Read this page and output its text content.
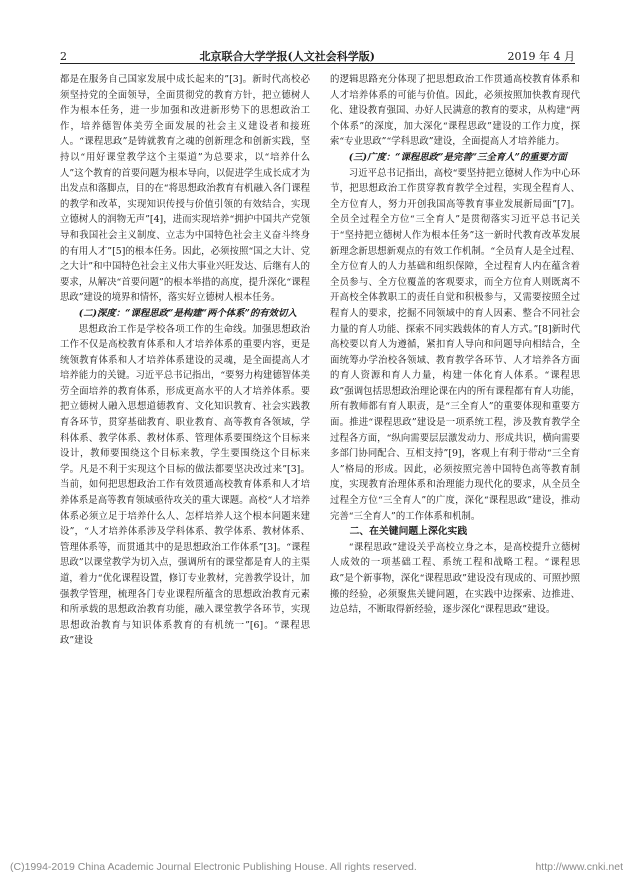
2	北京联合大学学报(人文社会科学版)	2019 年 4 月

都是在服务自己国家发展中成长起来的”[3]。新时代高校必须坚持党的全面领导，全面贯彻党的教育方针，把立德树人作为根本任务，进一步加强和改进新形势下的思想政治工作，培养德智体美劳全面发展的社会主义建设者和接班人。“课程思政”是铸就教育之魂的创新理念和创新实践，坚持以“用好课堂教学这个主渠道”为总要求，以“培养什么人”这个教育的首要问题为根本导向，以促进学生成长成才为出发点和落脚点，目的在“将思想政治教育有机融入各门课程的教学和改革，实现知识传授与价值引领的有效结合，实现立德树人的润物无声”[4]，进而实现培养“拥护中国共产党领导和我国社会主义制度、立志为中国特色社会主义奋斗终身的有用人才”[5]的根本任务。因此，必须按照“国之大计、党之大计”和中国特色社会主义伟大事业兴旺发达、后继有人的要求，从解决“首要问题”的根本举措的高度，提升深化“课程思政”建设的境界和情怀，落实好立德树人根本任务。

(二)深度：“课程思政”是构建“两个体系”的有效切入

思想政治工作是学校各项工作的生命线。加强思想政治工作不仅是高校教育体系和人才培养体系的重要内容，更是统领教育体系和人才培养体系建设的灵魂，是全面提高人才培养能力的关键。习近平总书记指出，“要努力构建德智体美劳全面培养的教育体系，形成更高水平的人才培养体系。要把立德树人融入思想道德教育、文化知识教育、社会实践教育各环节，贯穿基础教育、职业教育、高等教育各领域，学科体系、教学体系、教材体系、管理体系要围绕这个目标来设计，教师要围绕这个目标来教，学生要围绕这个目标来学。凡是不利于实现这个目标的做法都要坚决改过来”[3]。当前，如何把思想政治工作有效贯通高校教育体系和人才培养体系是高等教育领域亟待攻关的重大课题。高校“人才培养体系必须立足于培养什么人、怎样培养人这个根本问题来建设”，“人才培养体系涉及学科体系、教学体系、教材体系、管理体系等，而贯通其中的是思想政治工作体系”[3]。“课程思政”以课堂教学为切入点，强调所有的课堂都是育人的主渠道，着力“优化课程设置，修订专业教材，完善教学设计，加强教学管理，梳理各门专业课程所蕴含的思想政治教育元素和所承载的思想政治教育功能，融入课堂教学各环节，实现思想政治教育与知识体系教育的有机统一”[6]。“课程思政”建设

的逻辑思路充分体现了把思想政治工作贯通高校教育体系和人才培养体系的可能与价值。因此，必须按照加快教育现代化、建设教育强国、办好人民满意的教育的要求，从构建“两个体系”的深度，加大深化“课程思政”建设的工作力度，探索“专业思政”“学科思政”建设，全面提高人才培养能力。

(三)广度：“课程思政”是完善“三全育人”的重要方面

习近平总书记指出，高校“要坚持把立德树人作为中心环节，把思想政治工作贯穿教育教学全过程，实现全程育人、全方位育人，努力开创我国高等教育事业发展新局面”[7]。全员全过程全方位“三全育人”是贯彻落实习近平总书记关于“坚持把立德树人作为根本任务”这一新时代教育改革发展新理念新思想新观点的有效工作机制。“全员育人是全过程、全方位育人的人力基础和组织保障，全过程育人内在蕴含着全员参与、全方位覆盖的客观要求，而全方位育人则既离不开高校全体教职工的责任自觉和积极参与，又需要按照全过程育人的要求，挖掘不同领域中的育人因素、整合不同社会力量的育人功能、探索不同实践载体的育人方式。”[8]新时代高校要以育人为遵循，紧扣育人导向和问题导向相结合，全面统筹办学治校各领域、教育教学各环节、人才培养各方面的育人资源和育人力量，构建一体化育人体系。“课程思政”强调包括思想政治理论课在内的所有课程都有育人功能，所有教师都有育人职责，是“三全育人”的重要体现和重要方面。推进“课程思政”建设是一项系统工程，涉及教育教学全过程各方面，“纵向需要层层激发动力、形成共识，横向需要多部门协同配合、互相支持”[9]，客观上有利于带动“三全育人”格局的形成。因此，必须按照完善中国特色高等教育制度，实现教育治理体系和治理能力现代化的要求，从全员全过程全方位“三全育人”的广度，深化“课程思政”建设，推动完善“三全育人”的工作体系和机制。

二、在关键问题上深化实践

“课程思政”建设关乎高校立身之本，是高校提升立德树人成效的一项基础工程、系统工程和战略工程。“课程思政”是个新事物，深化“课程思政”建设没有现成的、可照抄照搬的经验，必须聚焦关键问题，在实践中边探索、边推进、边总结，不断取得新经验，逐步深化“课程思政”建设。

(C)1994-2019 China Academic Journal Electronic Publishing House. All rights reserved.	http://www.cnki.net
